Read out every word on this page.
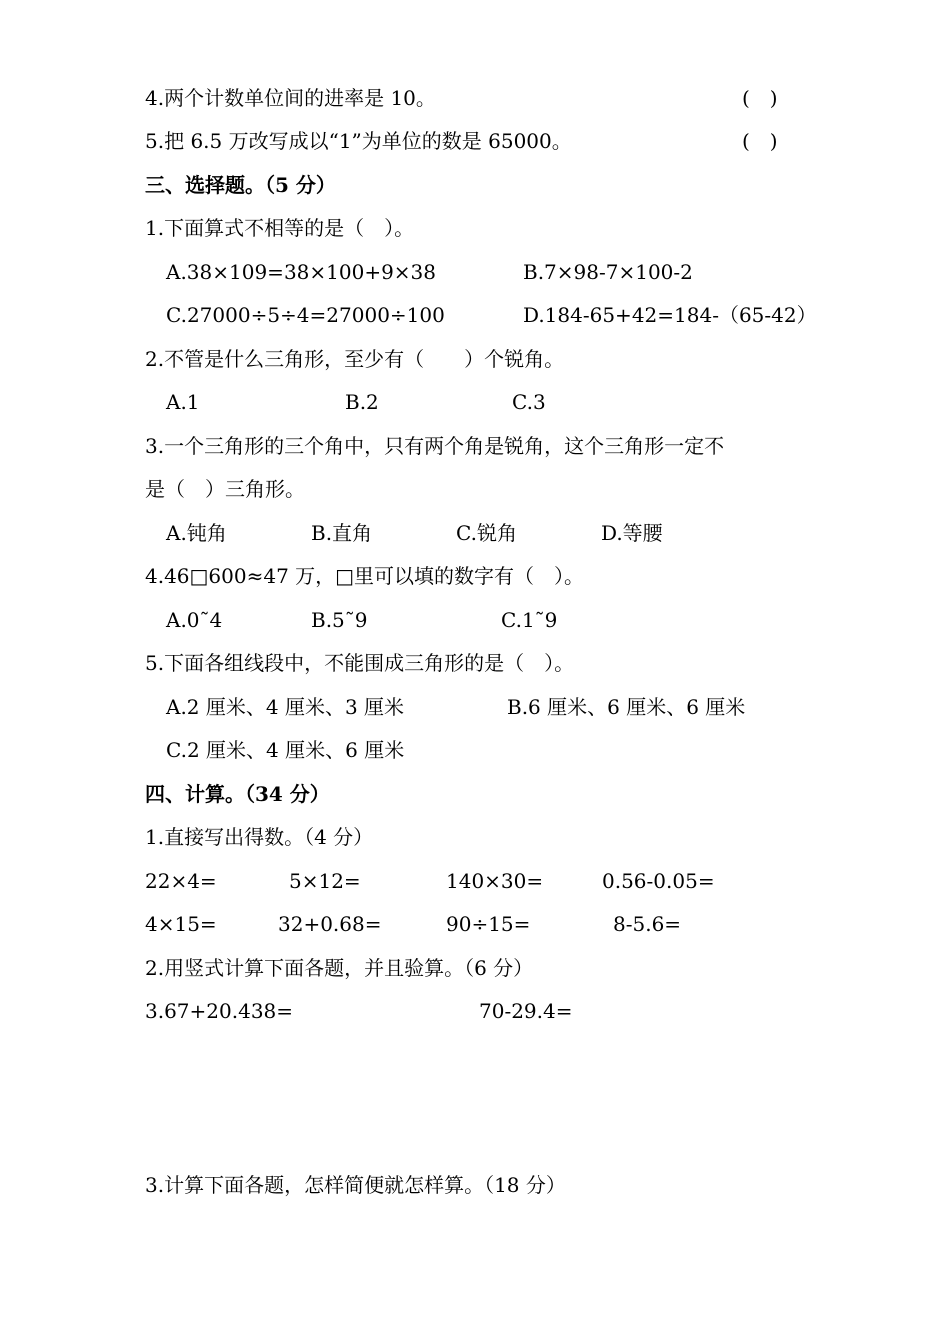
4.两个计数单位间的进率是 10。	(　)
5.把 6.5 万改写成以“1”为单位的数是 65000。	(　)
三、选择题。（5 分）
1.下面算式不相等的是（　）。
A.38×109=38×100+9×38	B.7×98-7×100-2
C.27000÷5÷4=27000÷100	D.184-65+42=184-（65-42）
2.不管是什么三角形，至少有（　　）个锐角。
A.1	B.2	C.3
3.一个三角形的三个角中，只有两个角是锐角，这个三角形一定不
是（　）三角形。
A.钝角	B.直角	C.锐角	D.等腰
4.46□600≈47 万，□里可以填的数字有（　）。
A.0˜4	B.5˜9	C.1˜9
5.下面各组线段中，不能围成三角形的是（　）。
A.2 厘米、4 厘米、3 厘米	B.6 厘米、6 厘米、6 厘米
C.2 厘米、4 厘米、6 厘米
四、计算。（34 分）
1.直接写出得数。（4 分）
22×4=	5×12=	140×30=	0.56-0.05=
4×15=	32+0.68=	90÷15=	8-5.6=
2.用竖式计算下面各题，并且验算。（6 分）
3.67+20.438=	70-29.4=
3.计算下面各题，怎样简便就怎样算。（18 分）
